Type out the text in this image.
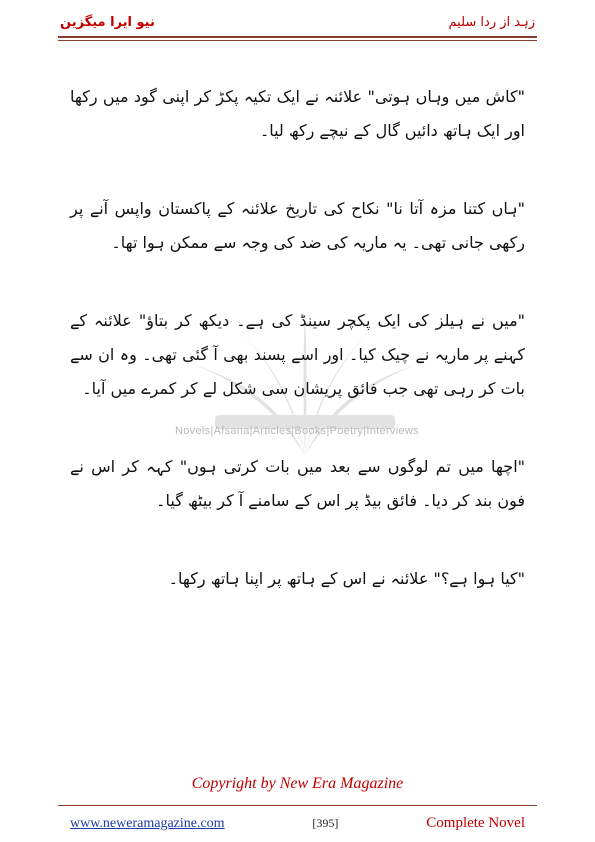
نیو ایرا میگزین	زہد از ردا سلیم
Novels|Afsana|Articles|Books|Poetry|Interviews

"کاش میں وہاں ہوتی" علائنہ نے ایک تکیہ پکڑ کر اپنی گود میں رکھا اور ایک ہاتھ دائیں گال کے نیچے رکھ لیا۔

"ہاں کتنا مزہ آتا نا" نکاح کی تاریخ علائنہ کے پاکستان واپس آنے پر رکھی جانی تھی۔ یہ ماریہ کی ضد کی وجہ سے ممکن ہوا تھا۔

"میں نے ہیلز کی ایک پکچر سینڈ کی ہے۔ دیکھ کر بتاؤ" علائنہ کے کہنے پر ماریہ نے چیک کیا۔ اور اسے پسند بھی آ گئی تھی۔ وہ ان سے بات کر رہی تھی جب فائق پریشان سی شکل لے کر کمرے میں آیا۔

"اچھا میں تم لوگوں سے بعد میں بات کرتی ہوں" کہہ کر اس نے فون بند کر دیا۔ فائق بیڈ پر اس کے سامنے آ کر بیٹھ گیا۔

"کیا ہوا ہے؟" علائنہ نے اس کے ہاتھ پر اپنا ہاتھ رکھا۔

Copyright by New Era Magazine
www.neweramagazine.com	[395]	Complete Novel
